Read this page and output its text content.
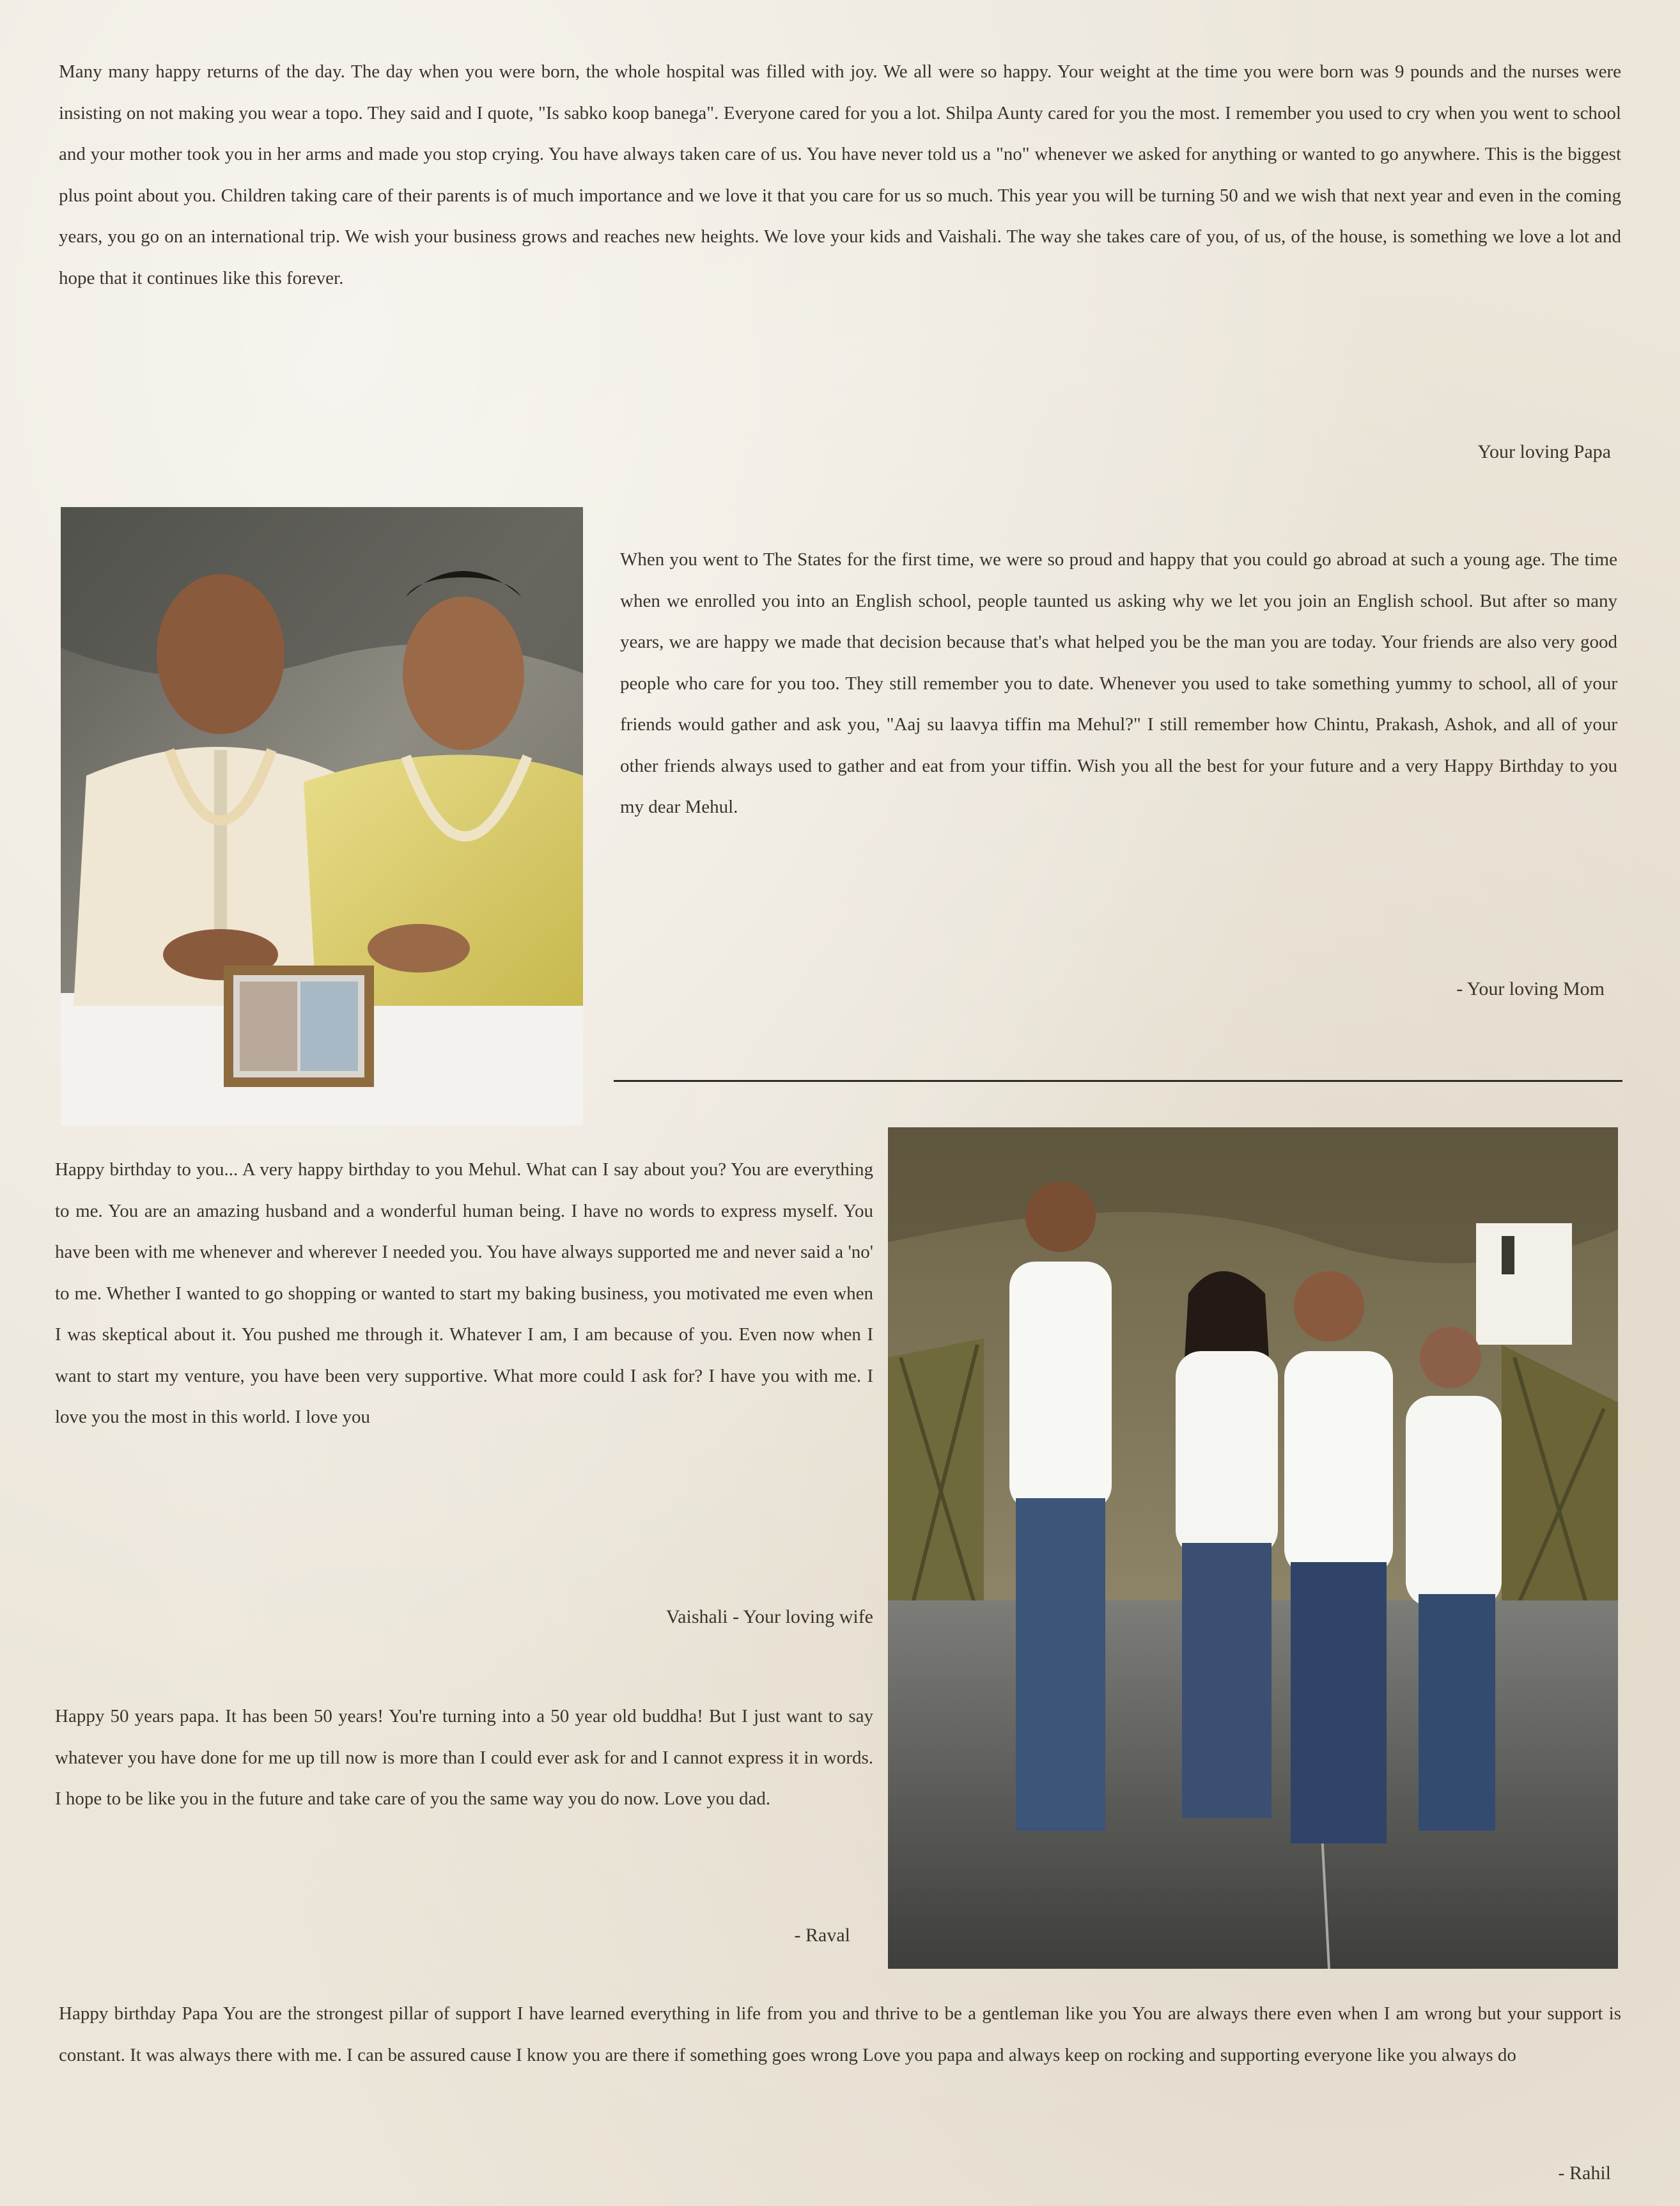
Many many happy returns of the day. The day when you were born, the whole hospital was filled with joy. We all were so happy. Your weight at the time you were born was 9 pounds and the nurses were insisting on not making you wear a topo. They said and I quote, "Is sabko koop banega". Everyone cared for you a lot. Shilpa Aunty cared for you the most. I remember you used to cry when you went to school and your mother took you in her arms and made you stop crying. You have always taken care of us. You have never told us a "no" whenever we asked for anything or wanted to go anywhere. This is the biggest plus point about you. Children taking care of their parents is of much importance and we love it that you care for us so much. This year you will be turning 50 and we wish that next year and even in the coming years, you go on an international trip. We wish your business grows and reaches new heights. We love your kids and Vaishali. The way she takes care of you, of us, of the house, is something we love a lot and hope that it continues like this forever.
Your loving Papa
When you went to The States for the first time, we were so proud and happy that you could go abroad at such a young age. The time when we enrolled you into an English school, people taunted us asking why we let you join an English school. But after so many years, we are happy we made that decision because that's what helped you be the man you are today. Your friends are also very good people who care for you too. They still remember you to date. Whenever you used to take something yummy to school, all of your friends would gather and ask you, "Aaj su laavya tiffin ma Mehul?" I still remember how Chintu, Prakash, Ashok, and all of your other friends always used to gather and eat from your tiffin. Wish you all the best for your future and a very Happy Birthday to you my dear Mehul.
- Your loving Mom
Happy birthday to you... A very happy birthday to you Mehul. What can I say about you? You are everything to me. You are an amazing husband and a wonderful human being. I have no words to express myself. You have been with me whenever and wherever I needed you. You have always supported me and never said a 'no' to me. Whether I wanted to go shopping or wanted to start my baking business, you motivated me even when I was skeptical about it. You pushed me through it. Whatever I am, I am because of you. Even now when I want to start my venture, you have been very supportive. What more could I ask for? I have you with me. I love you the most in this world. I love you
Vaishali - Your loving wife
Happy 50 years papa. It has been 50 years! You're turning into a 50 year old buddha! But I just want to say whatever you have done for me up till now is more than I could ever ask for and I cannot express it in words. I hope to be like you in the future and take care of you the same way you do now. Love you dad.
- Raval
Happy birthday Papa You are the strongest pillar of support I have learned everything in life from you and thrive to be a gentleman like you You are always there even when I am wrong but your support is constant. It was always there with me. I can be assured cause I know you are there if something goes wrong Love you papa and always keep on rocking and supporting everyone like you always do
- Rahil
